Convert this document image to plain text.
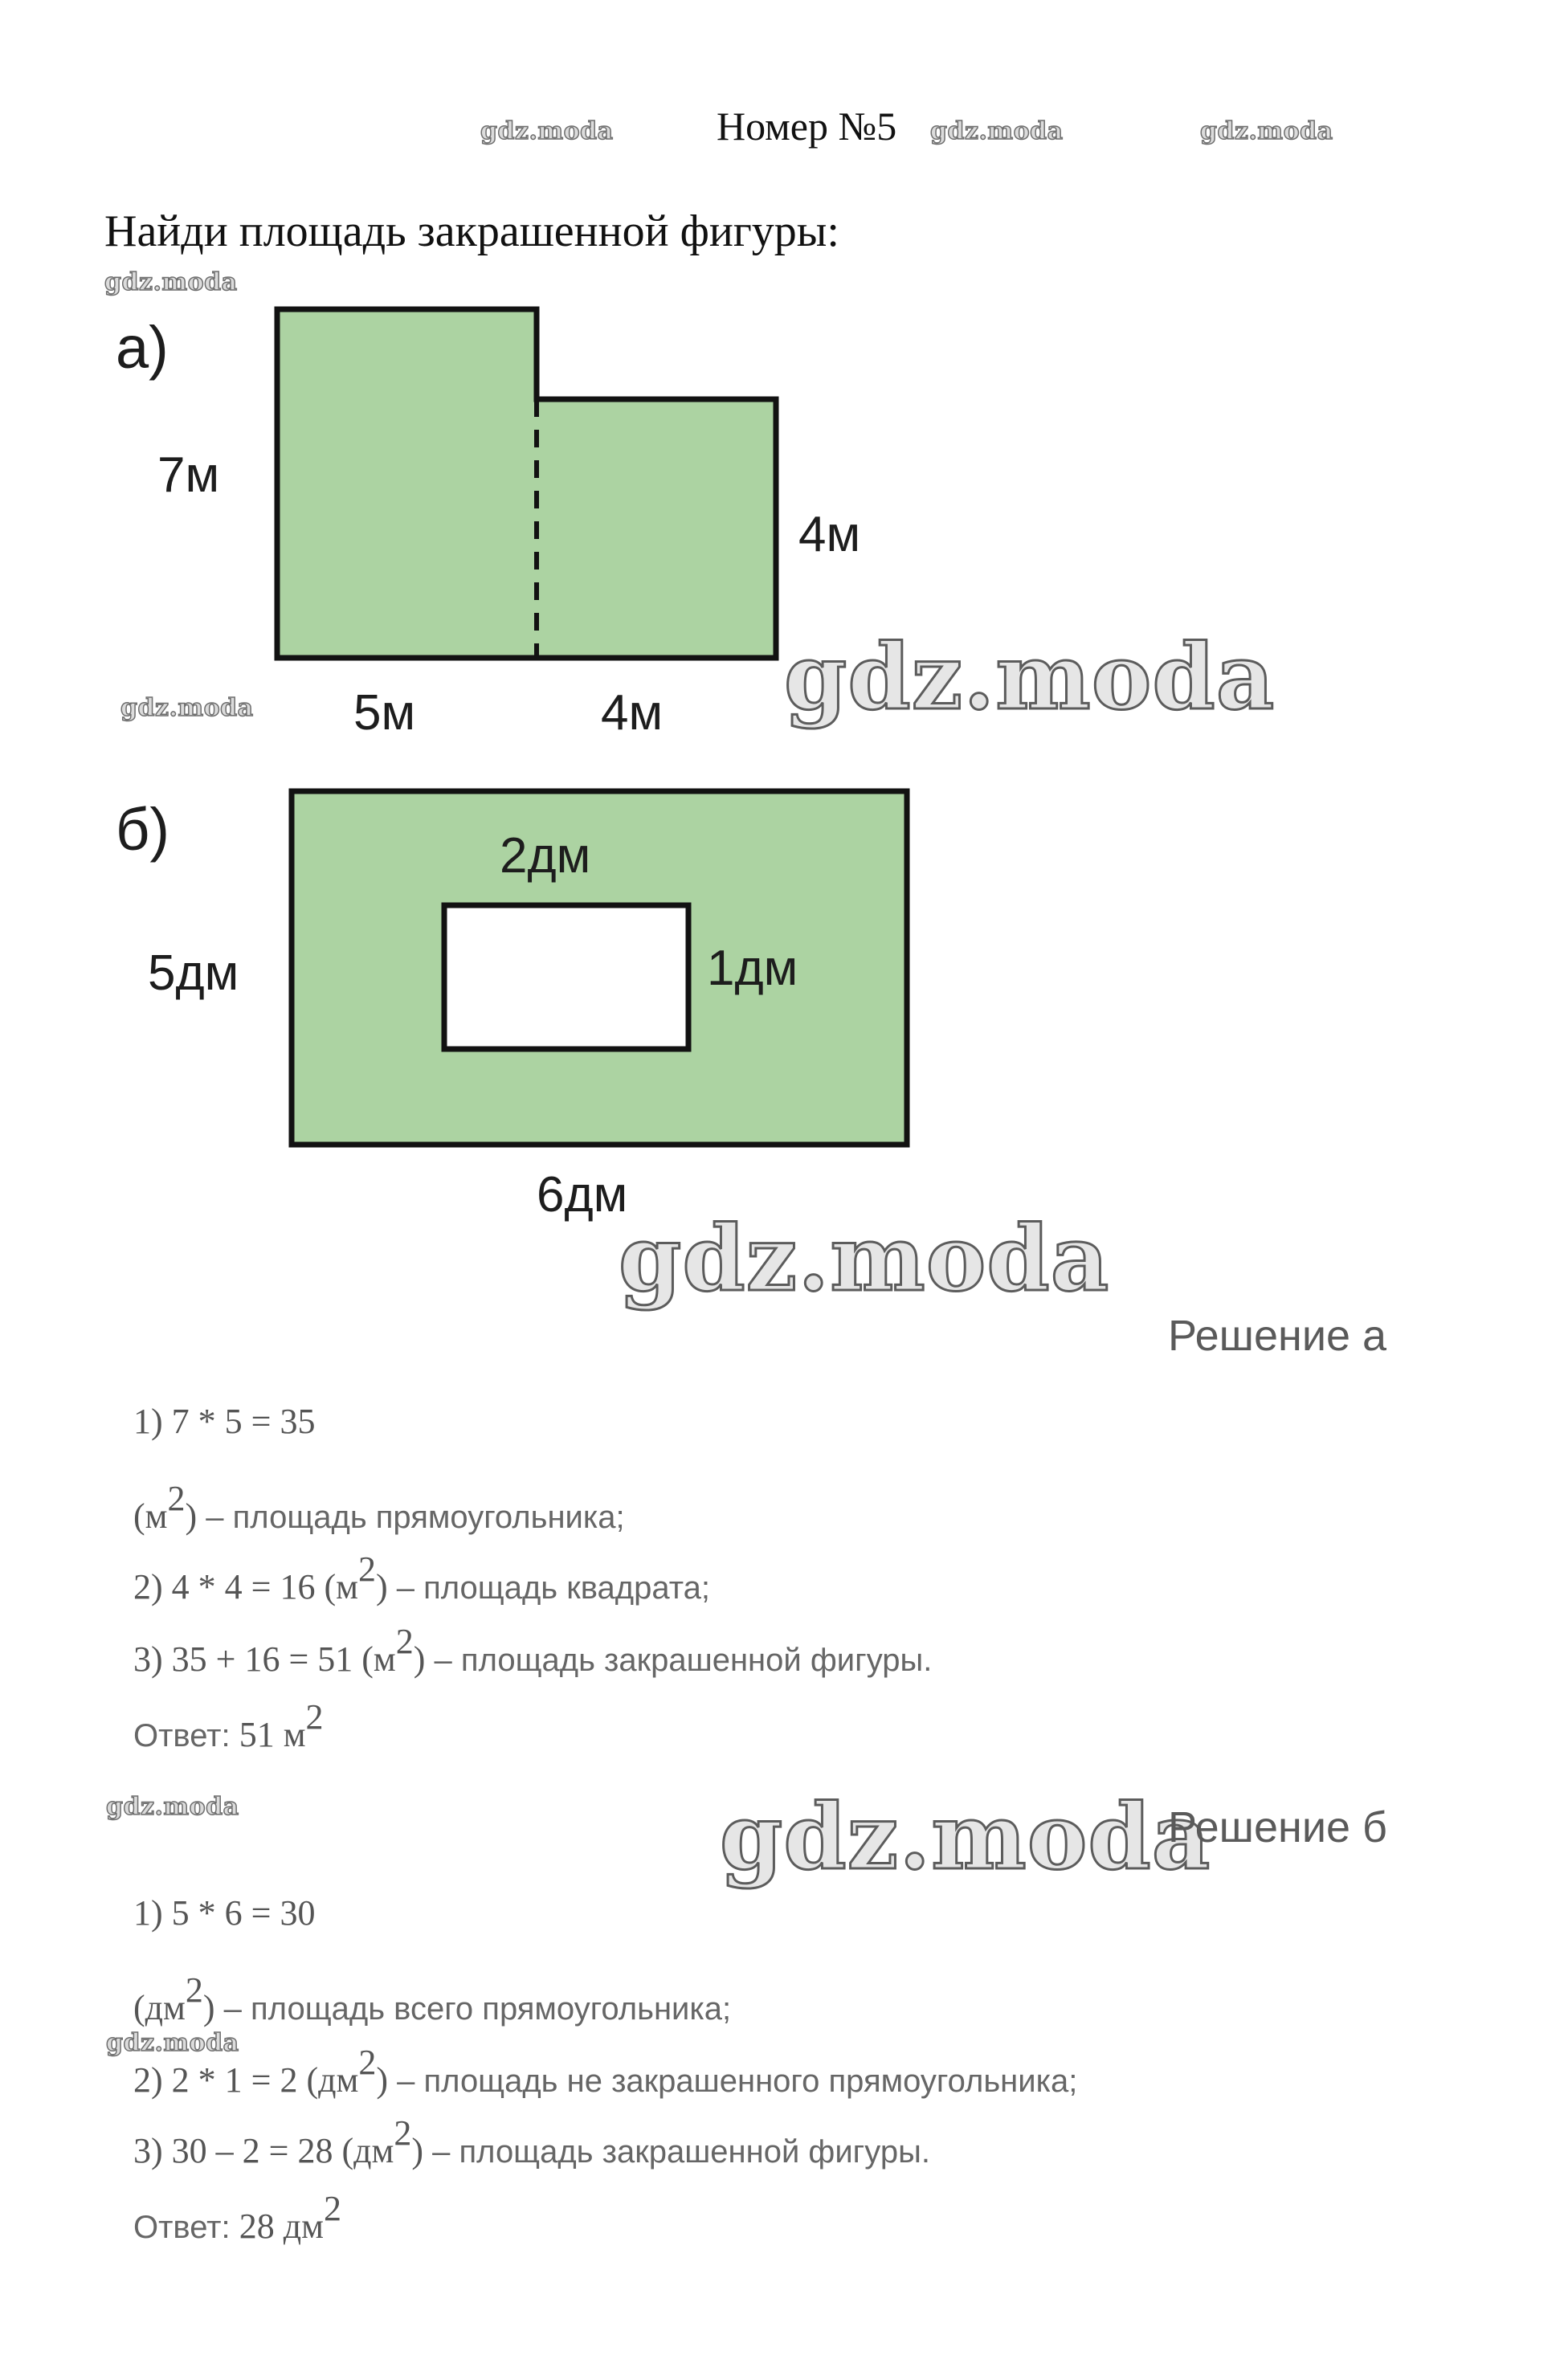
gdz.moda	Номер №5 gdz.moda	gdz.moda
Найди площадь закрашенной фигуры:
gdz.moda
а)
7м
4м
gdz.moda 5м	4м gdz.moda
б)	2дм
5дм	1дм
6дм
gdz.moda
Решение а
1) 7 * 5 = 35
$(м^2)$ – площадь прямоугольника;
2) 4 * 4 = 16 $(м^2)$ – площадь квадрата;
3) 35 + 16 = 51 $(м^2)$ – площадь закрашенной фигуры.
Ответ: 51 $м^2$
gdz.moda	gdz.moda
Решение б
1) 5 * 6 = 30
$(дм^2)$ – площадь всего прямоугольника;
gdz.moda
2) 2 * 1 = 2 $(дм^2)$ – площадь не закрашенного прямоугольника;
3) 30 – 2 = 28 $(дм^2)$ – площадь закрашенной фигуры.
Ответ: 28 $дм^2$
